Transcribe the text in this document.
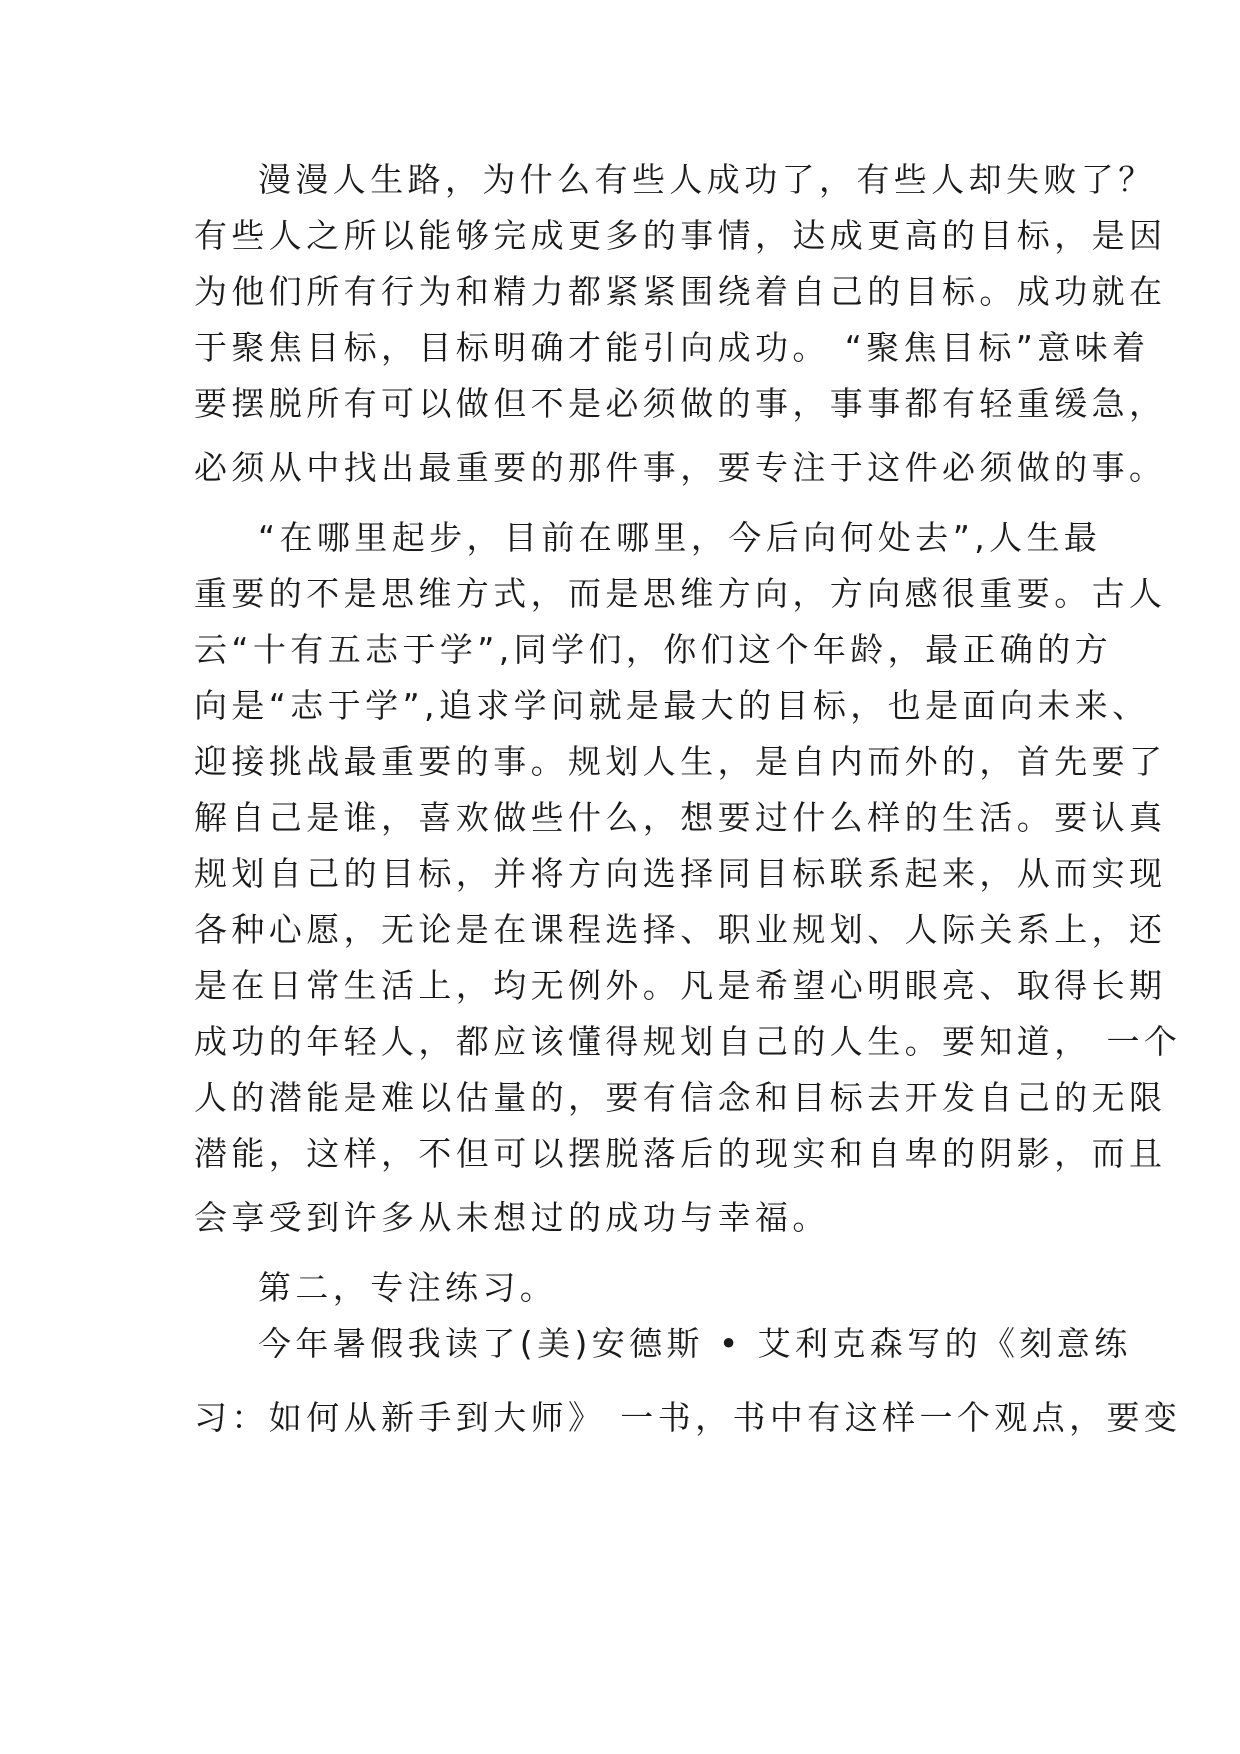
漫漫人生路，为什么有些人成功了，有些人却失败了？
有些人之所以能够完成更多的事情，达成更高的目标，是因
为他们所有行为和精力都紧紧围绕着自己的目标。成功就在
于聚焦目标，目标明确才能引向成功。 “聚焦目标”意味着
要摆脱所有可以做但不是必须做的事，事事都有轻重缓急，
必须从中找出最重要的那件事，要专注于这件必须做的事。
“在哪里起步，目前在哪里，今后向何处去”,人生最
重要的不是思维方式，而是思维方向，方向感很重要。古人
云“十有五志于学”,同学们，你们这个年龄，最正确的方
向是“志于学”,追求学问就是最大的目标，也是面向未来、
迎接挑战最重要的事。规划人生，是自内而外的，首先要了
解自己是谁，喜欢做些什么，想要过什么样的生活。要认真
规划自己的目标，并将方向选择同目标联系起来，从而实现
各种心愿，无论是在课程选择、职业规划、人际关系上，还
是在日常生活上，均无例外。凡是希望心明眼亮、取得长期
成功的年轻人，都应该懂得规划自己的人生。要知道， 一个
人的潜能是难以估量的，要有信念和目标去开发自己的无限
潜能，这样，不但可以摆脱落后的现实和自卑的阴影，而且
会享受到许多从未想过的成功与幸福。
第二，专注练习。
今年暑假我读了(美)安德斯 • 艾利克森写的《刻意练
习：如何从新手到大师》 一书，书中有这样一个观点，要变
